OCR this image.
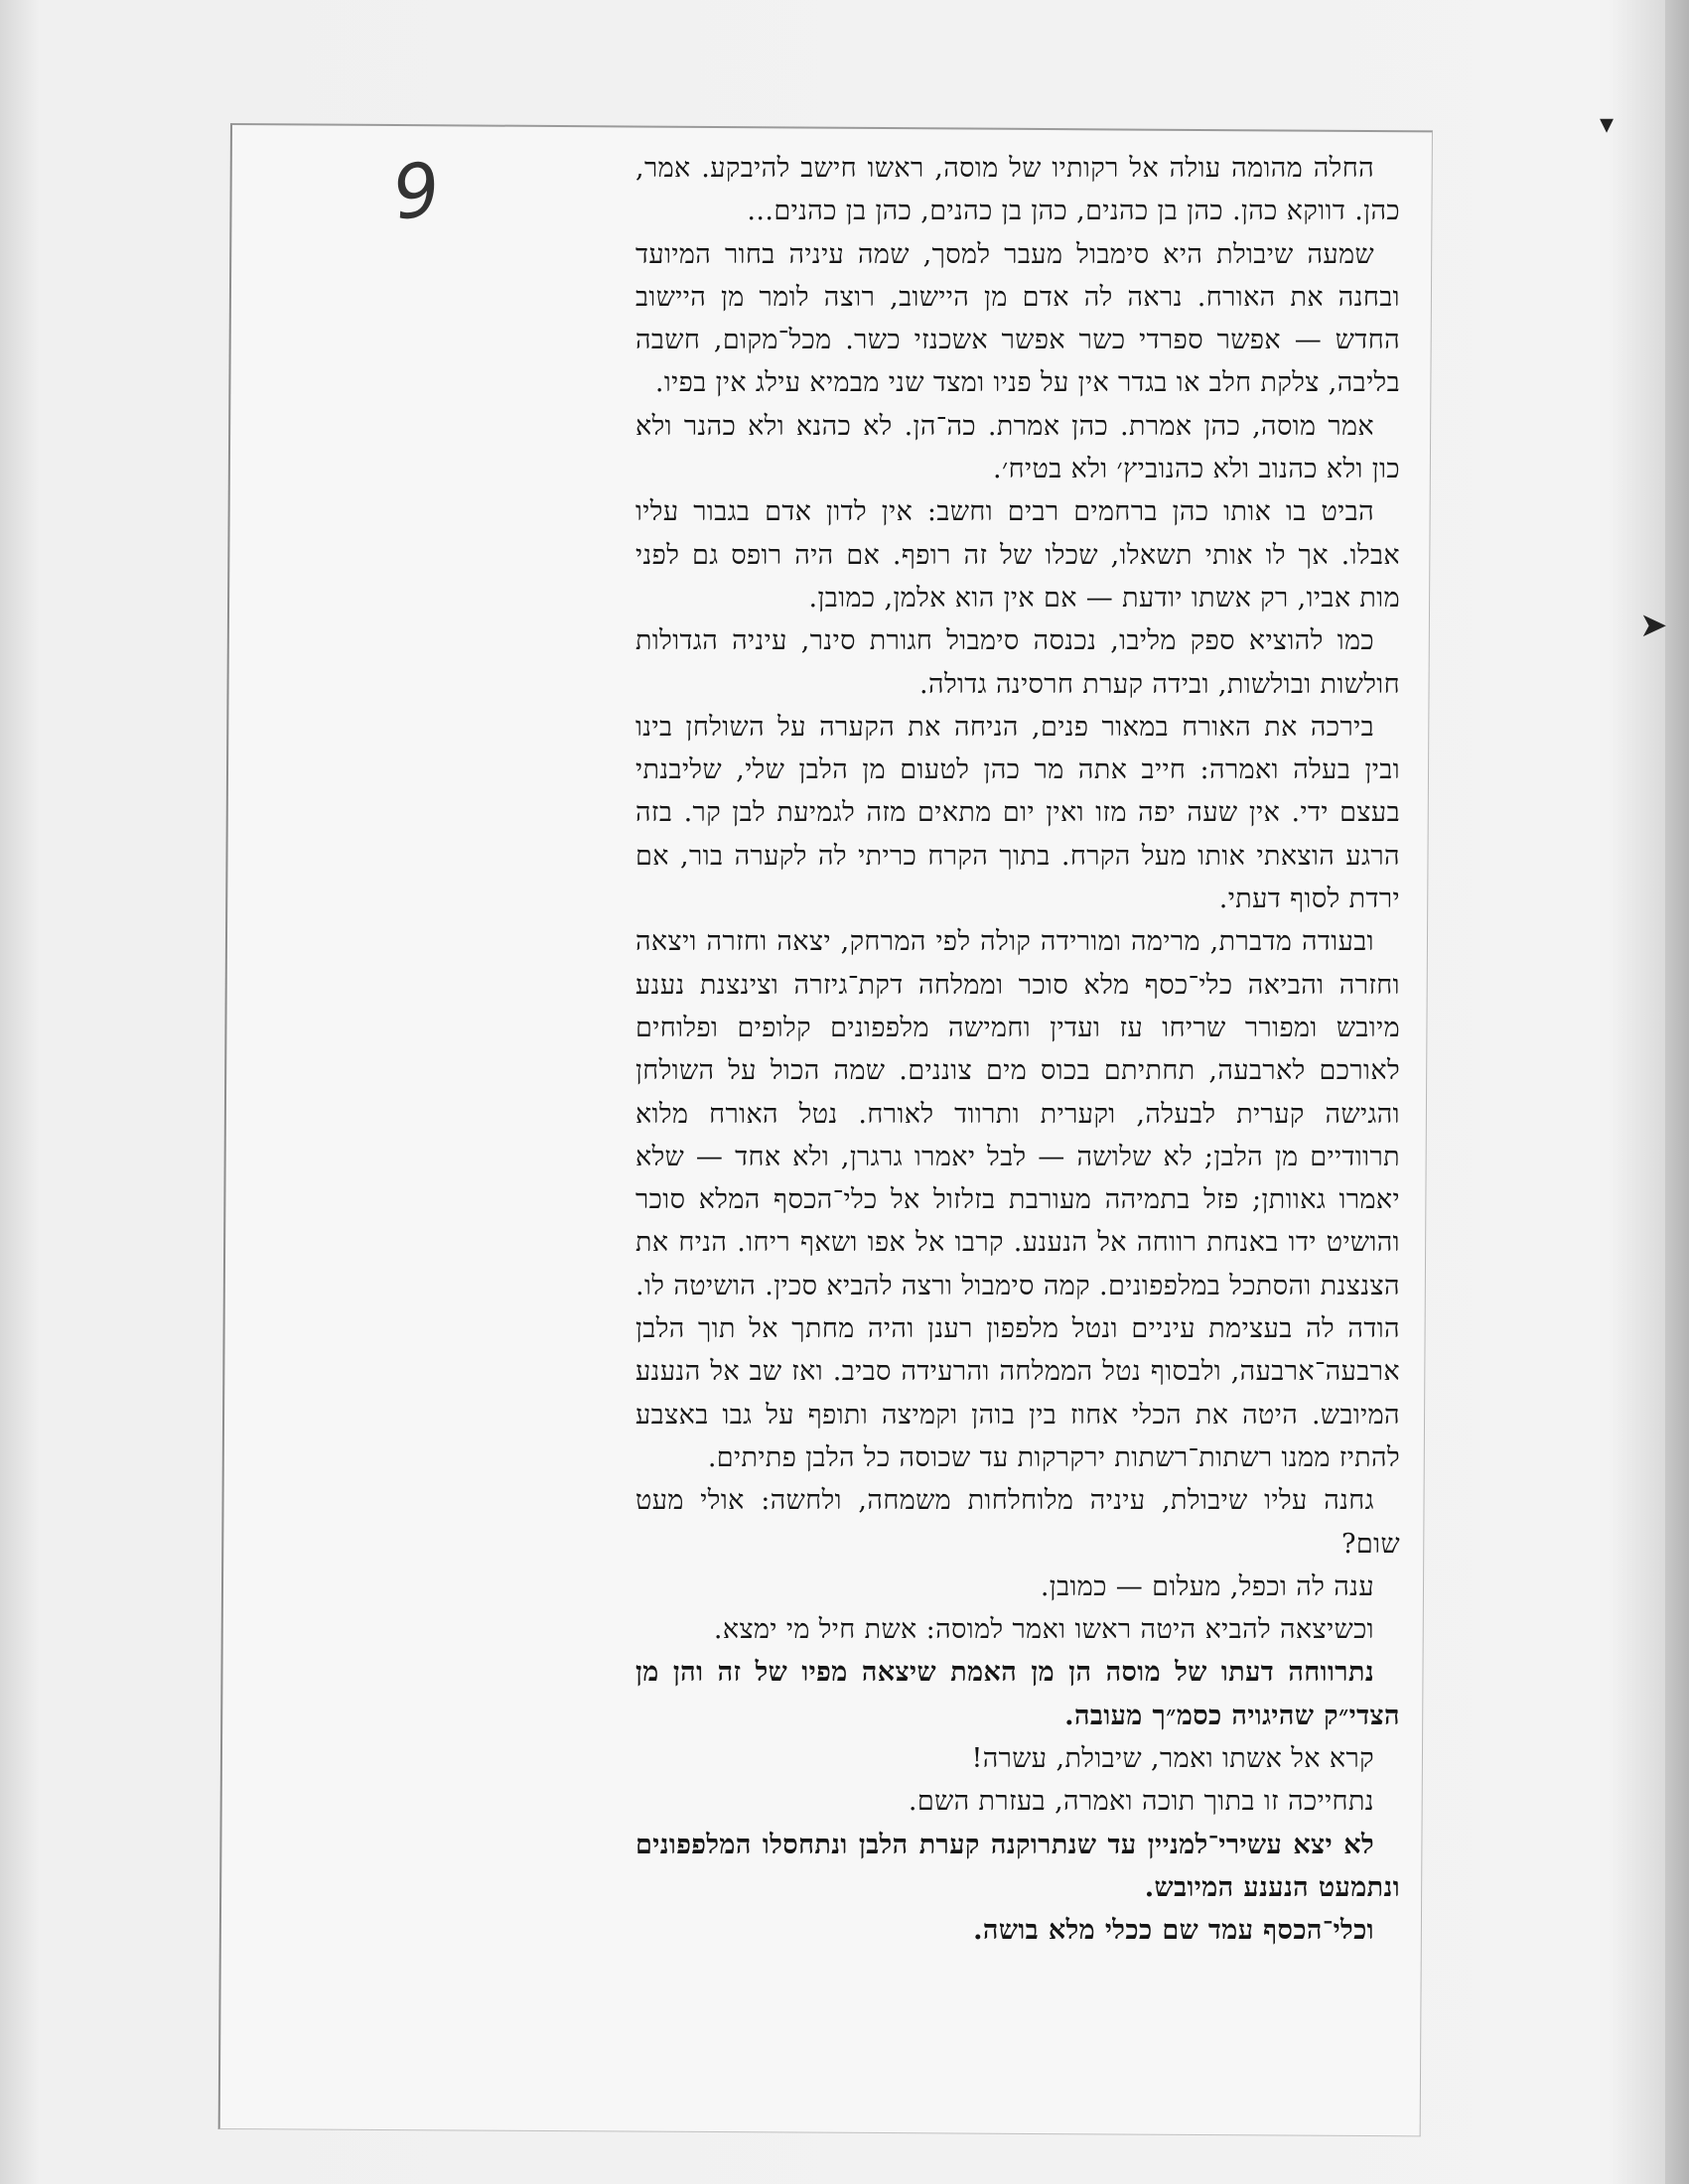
9
▾
➤

החלה מהומה עולה אל רקותיו של מוסה, ראשו חישב להיבקע. אמר, כהן. דווקא כהן. כהן בן כהנים, כהן בן כהנים, כהן בן כהנים...

שמעה שיבולת היא סימבול מעבר למסך, שמה עיניה בחור המיועד ובחנה את האורח. נראה לה אדם מן היישוב, רוצה לומר מן היישוב החדש — אפשר ספרדי כשר אפשר אשכנזי כשר. מכל־מקום, חשבה בליבה, צלקת חלב או בגדר אין על פניו ומצד שני מבמיא עילג אין בפיו.

אמר מוסה, כהן אמרת. כהן אמרת. כה־הן. לא כהנא ולא כהנר ולא כון ולא כהנוב ולא כהנוביץ׳ ולא בטיח׳.

הביט בו אותו כהן ברחמים רבים וחשב: אין לדון אדם בגבור עליו אבלו. אך לו אותי תשאלו, שכלו של זה רופף. אם היה רופס גם לפני מות אביו, רק אשתו יודעת — אם אין הוא אלמן, כמובן.

כמו להוציא ספק מליבו, נכנסה סימבול חגורת סינר, עיניה הגדולות חולשות ובולשות, ובידה קערת חרסינה גדולה.

בירכה את האורח במאור פנים, הניחה את הקערה על השולחן בינו ובין בעלה ואמרה: חייב אתה מר כהן לטעום מן הלבן שלי, שליבנתי בעצם ידי. אין שעה יפה מזו ואין יום מתאים מזה לגמיעת לבן קר. בזה הרגע הוצאתי אותו מעל הקרח. בתוך הקרח כריתי לה לקערה בור, אם ירדת לסוף דעתי.

ובעודה מדברת, מרימה ומורידה קולה לפי המרחק, יצאה וחזרה ויצאה וחזרה והביאה כלי־כסף מלא סוכר וממלחה דקת־גיזרה וצינצנת נענע מיובש ומפורר שריחו עז ועדין וחמישה מלפפונים קלופים ופלוחים לאורכם לארבעה, תחתיתם בכוס מים צוננים. שמה הכול על השולחן והגישה קערית לבעלה, וקערית ותרווד לאורח. נטל האורח מלוא תרוודיים מן הלבן; לא שלושה — לבל יאמרו גרגרן, ולא אחד — שלא יאמרו גאוותן; פזל בתמיהה מעורבת בזלזול אל כלי־הכסף המלא סוכר והושיט ידו באנחת רווחה אל הנענע. קרבו אל אפו ושאף ריחו. הניח את הצנצנת והסתכל במלפפונים. קמה סימבול ורצה להביא סכין. הושיטה לו. הודה לה בעצימת עיניים ונטל מלפפון רענן והיה מחתך אל תוך הלבן ארבעה־ארבעה, ולבסוף נטל הממלחה והרעידה סביב. ואז שב אל הנענע המיובש. היטה את הכלי אחוז בין בוהן וקמיצה ותופף על גבו באצבע להתיז ממנו רשתות־רשתות ירקרקות עד שכוסה כל הלבן פתיתים.

גחנה עליו שיבולת, עיניה מלוחלחות משמחה, ולחשה: אולי מעט שום?

ענה לה וכפל, מעלום — כמובן.

וכשיצאה להביא היטה ראשו ואמר למוסה: אשת חיל מי ימצא.

נתרווחה דעתו של מוסה הן מן האמת שיצאה מפיו של זה והן מן הצדי״ק שהיגויה כסמ״ך מעובה.

קרא אל אשתו ואמר, שיבולת, עשרה!

נתחייכה זו בתוך תוכה ואמרה, בעזרת השם.

לא יצא עשירי־למניין עד שנתרוקנה קערת הלבן ונתחסלו המלפפונים ונתמעט הנענע המיובש.

וכלי־הכסף עמד שם ככלי מלא בושה.
